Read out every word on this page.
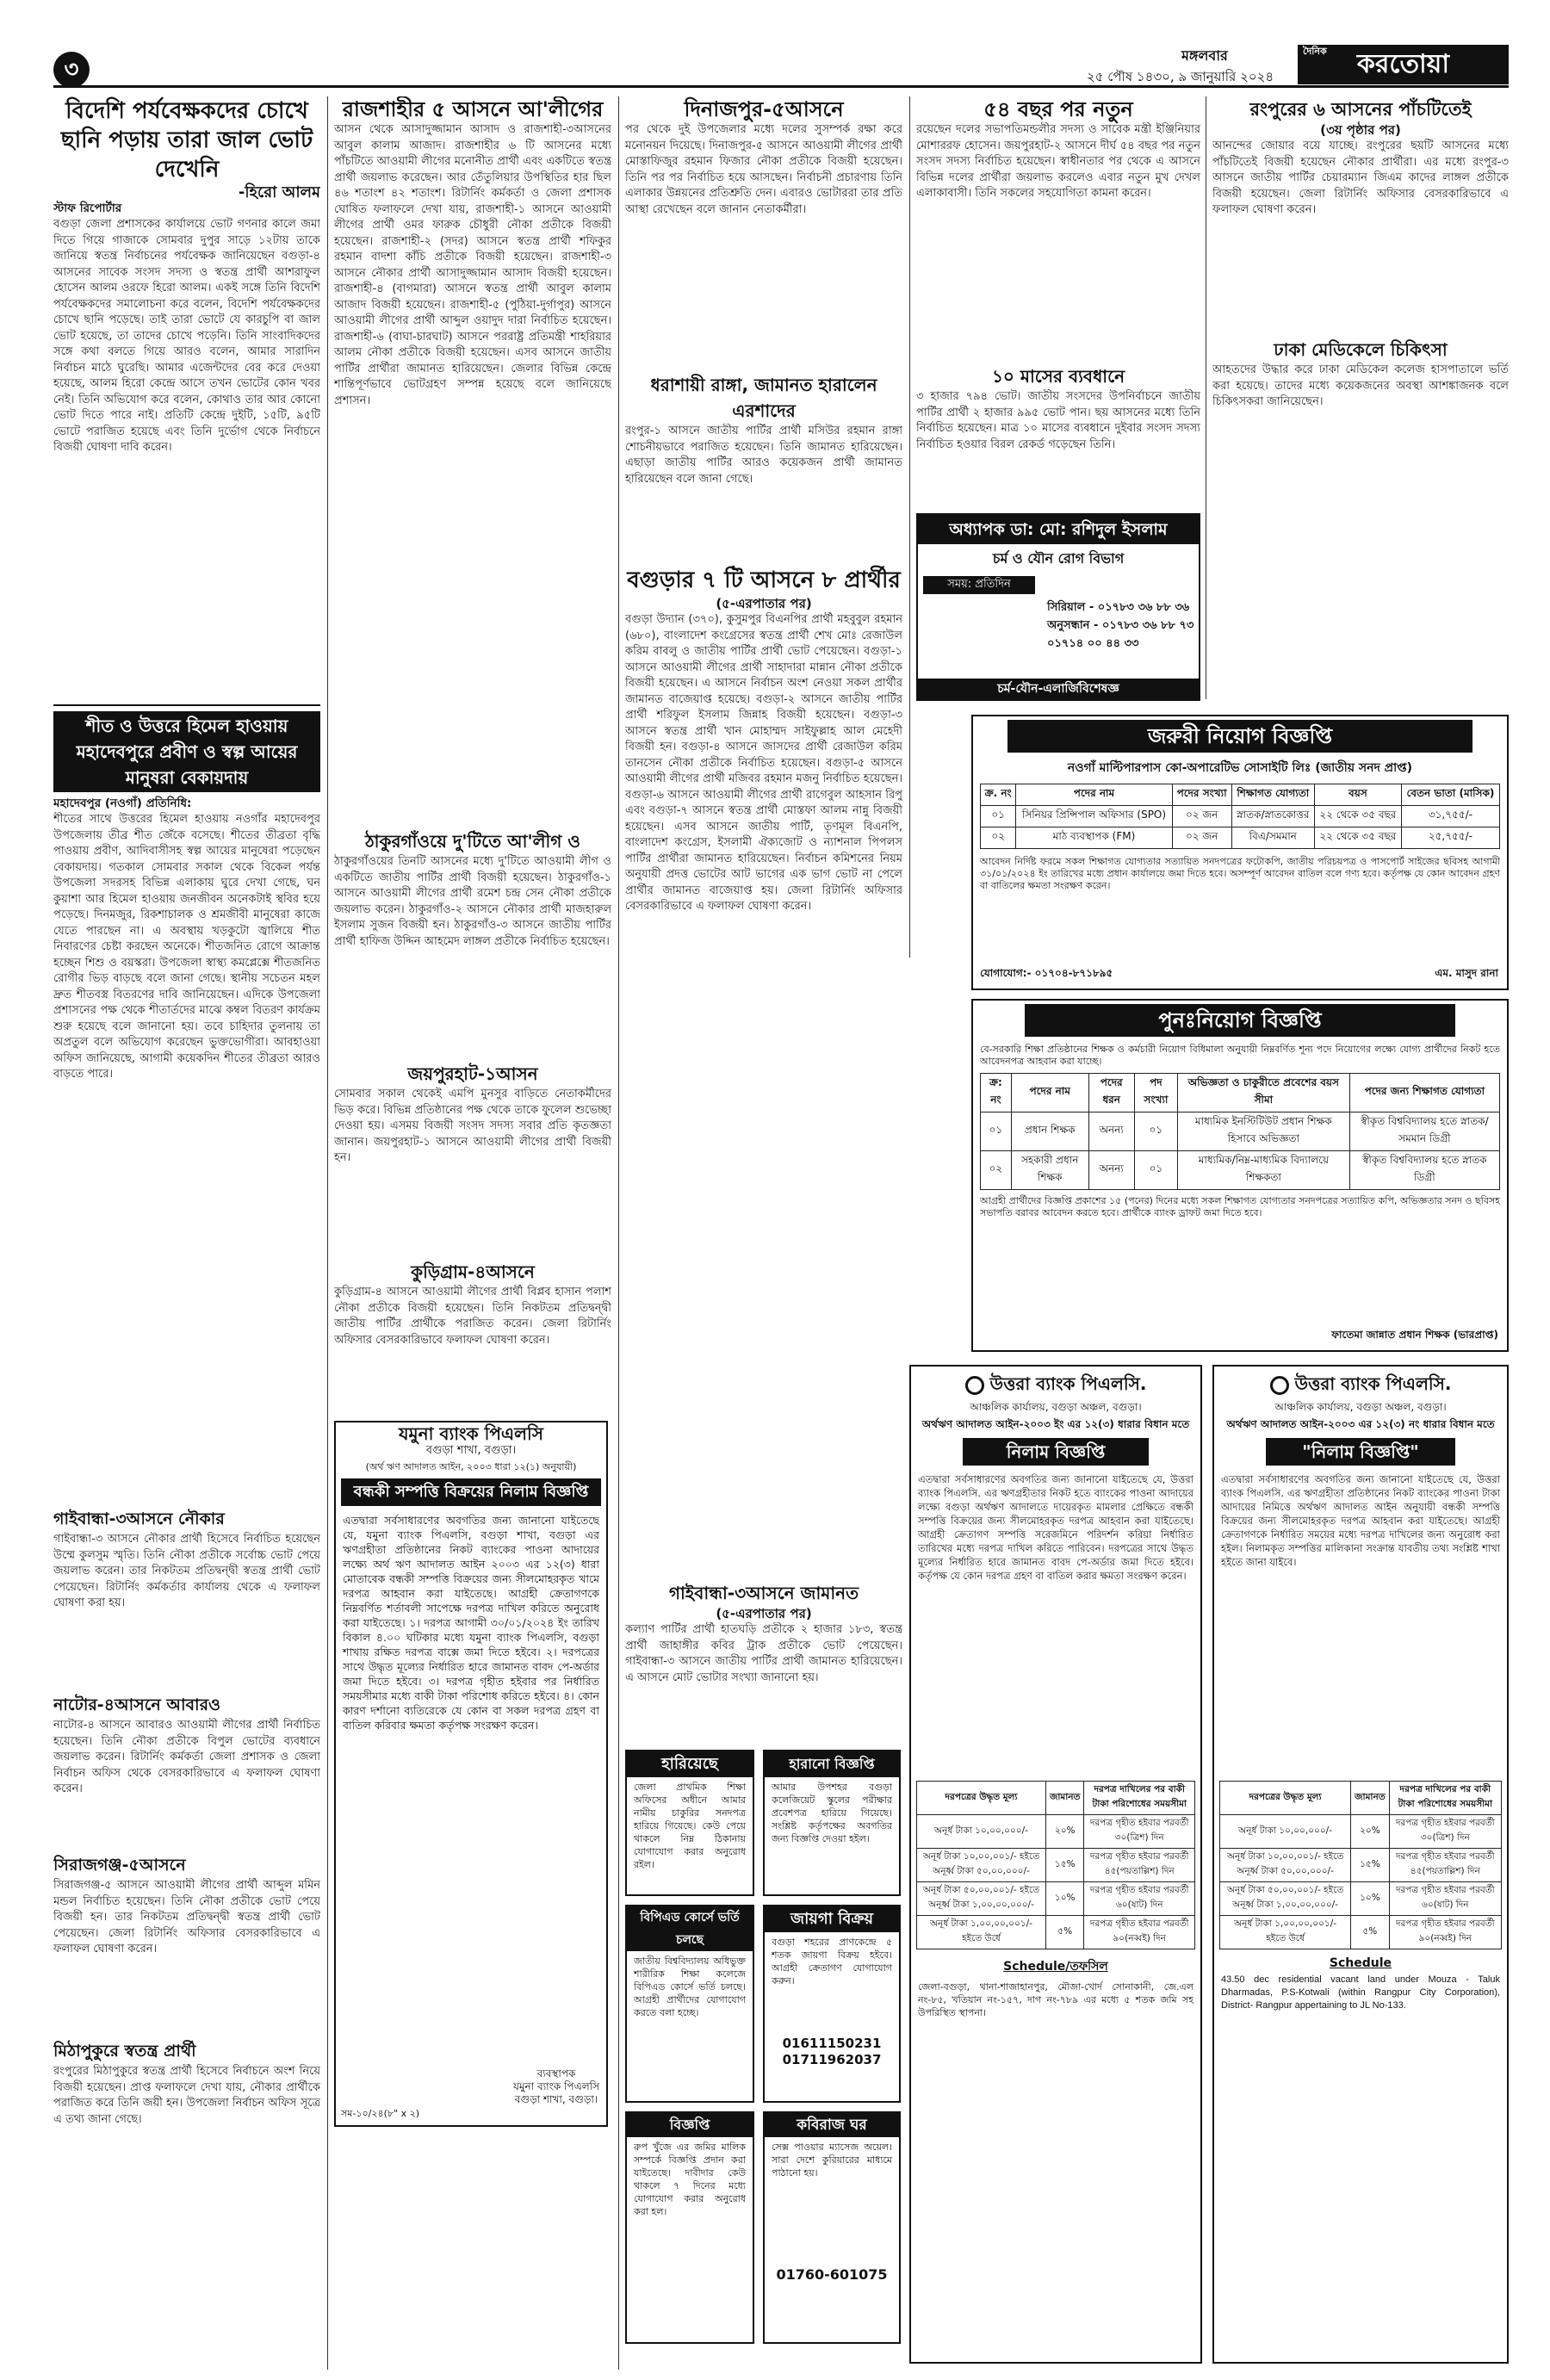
৩
মঙ্গলবার
২৫ পৌষ ১৪৩০, ৯ জানুয়ারি ২০২৪
দৈনিক করতোয়া
বিদেশি পর্যবেক্ষকদের চোখে ছানি পড়ায় তারা জাল ভোট দেখেনি
-হিরো আলম
স্টাফ রিপোর্টার
বগুড়া জেলা প্রশাসকের কার্যালয়ে ভোট গণনার কালে জমা দিতে গিয়ে গাজাকে সোমবার দুপুর সাড়ে ১২টায় তাকে জানিয়ে স্বতন্ত্র নির্বাচনের পর্যবেক্ষক জানিয়েছেন বগুড়া-৪ আসনের সাবেক সংসদ সদস্য ও স্বতন্ত্র প্রার্থী আশরাফুল হোসেন আলম ওরফে হিরো আলম। একই সঙ্গে তিনি বিদেশি পর্যবেক্ষকদের সমালোচনা করে বলেন, বিদেশি পর্যবেক্ষকদের চোখে ছানি পড়েছে। তাই তারা ভোটে যে কারচুপি বা জাল ভোট হয়েছে, তা তাদের চোখে পড়েনি। তিনি সাংবাদিকদের সঙ্গে কথা বলতে গিয়ে আরও বলেন, আমার সারাদিন নির্বাচন মাঠে ঘুরেছি। আমার এজেন্টদের বের করে দেওয়া হয়েছে, আলম হিরো কেন্দ্রে আসে তখন ভোটের কোন খবর নেই। তিনি অভিযোগ করে বলেন, কোথাও তার আর কোনো ভোট দিতে পারে নাই। প্রতিটি কেন্দ্রে দুইটি, ১৫টি, ৯৫টি ভোটে পরাজিত হয়েছে এবং তিনি দুর্ভোগ থেকে নির্বাচনে বিজয়ী ঘোষণা দাবি করেন।
শীত ও উত্তরে হিমেল হাওয়ায় মহাদেবপুরে প্রবীণ ও স্বল্প আয়ের মানুষরা বেকায়দায়
মহাদেবপুর (নওগাঁ) প্রতিনিধি:
শীতের সাথে উত্তরের হিমেল হাওয়ায় নওগাঁর মহাদেবপুর উপজেলায় তীব্র শীত জেঁকে বসেছে। শীতের তীব্রতা বৃদ্ধি পাওয়ায় প্রবীণ, আদিবাসীসহ স্বল্প আয়ের মানুষেরা পড়েছেন বেকায়দায়। গতকাল সোমবার সকাল থেকে বিকেল পর্যন্ত উপজেলা সদরসহ বিভিন্ন এলাকায় ঘুরে দেখা গেছে, ঘন কুয়াশা আর হিমেল হাওয়ায় জনজীবন অনেকটাই স্থবির হয়ে পড়েছে। দিনমজুর, রিকশাচালক ও শ্রমজীবী মানুষেরা কাজে যেতে পারছেন না। এ অবস্থায় খড়কুটো জ্বালিয়ে শীত নিবারণের চেষ্টা করছেন অনেকে। শীতজনিত রোগে আক্রান্ত হচ্ছেন শিশু ও বয়স্করা। উপজেলা স্বাস্থ্য কমপ্লেক্সে শীতজনিত রোগীর ভিড় বাড়ছে বলে জানা গেছে। স্থানীয় সচেতন মহল দ্রুত শীতবস্ত্র বিতরণের দাবি জানিয়েছেন। এদিকে উপজেলা প্রশাসনের পক্ষ থেকে শীতার্তদের মাঝে কম্বল বিতরণ কার্যক্রম শুরু হয়েছে বলে জানানো হয়। তবে চাহিদার তুলনায় তা অপ্রতুল বলে অভিযোগ করেছেন ভুক্তভোগীরা। আবহাওয়া অফিস জানিয়েছে, আগামী কয়েকদিন শীতের তীব্রতা আরও বাড়তে পারে।
গাইবান্ধা-৩আসনে নৌকার
গাইবান্ধা-৩ আসনে নৌকার প্রার্থী হিসেবে নির্বাচিত হয়েছেন উম্মে কুলসুম স্মৃতি। তিনি নৌকা প্রতীকে সর্বোচ্চ ভোট পেয়ে জয়লাভ করেন। তার নিকটতম প্রতিদ্বন্দ্বী স্বতন্ত্র প্রার্থী ভোট পেয়েছেন। রিটার্নিং কর্মকর্তার কার্যালয় থেকে এ ফলাফল ঘোষণা করা হয়।
নাটোর-৪আসনে আবারও
নাটোর-৪ আসনে আবারও আওয়ামী লীগের প্রার্থী নির্বাচিত হয়েছেন। তিনি নৌকা প্রতীকে বিপুল ভোটের ব্যবধানে জয়লাভ করেন। রিটার্নিং কর্মকর্তা জেলা প্রশাসক ও জেলা নির্বাচন অফিস থেকে বেসরকারিভাবে এ ফলাফল ঘোষণা করেন।
সিরাজগঞ্জ-৫আসনে
সিরাজগঞ্জ-৫ আসনে আওয়ামী লীগের প্রার্থী আব্দুল মমিন মন্ডল নির্বাচিত হয়েছেন। তিনি নৌকা প্রতীকে ভোট পেয়ে বিজয়ী হন। তার নিকটতম প্রতিদ্বন্দ্বী স্বতন্ত্র প্রার্থী ভোট পেয়েছেন। জেলা রিটার্নিং অফিসার বেসরকারিভাবে এ ফলাফল ঘোষণা করেন।
মিঠাপুকুরে স্বতন্ত্র প্রার্থী
রংপুরের মিঠাপুকুরে স্বতন্ত্র প্রার্থী হিসেবে নির্বাচনে অংশ নিয়ে বিজয়ী হয়েছেন। প্রাপ্ত ফলাফলে দেখা যায়, নৌকার প্রার্থীকে পরাজিত করে তিনি জয়ী হন। উপজেলা নির্বাচন অফিস সূত্রে এ তথ্য জানা গেছে।
রাজশাহীর ৫ আসনে আ'লীগের
আসন থেকে আসাদুজ্জামান আসাদ ও রাজশাহী-৩আসনের আবুল কালাম আজাদ। রাজশাহীর ৬ টি আসনের মধ্যে পাঁচটিতে আওয়ামী লীগের মনোনীত প্রার্থী এবং একটিতে স্বতন্ত্র প্রার্থী জয়লাভ করেছেন। আর তেঁতুলিয়ার উপস্থিতির হার ছিল ৪৬ শতাংশ ৪২ শতাংশ। রিটার্নিং কর্মকর্তা ও জেলা প্রশাসক ঘোষিত ফলাফলে দেখা যায়, রাজশাহী-১ আসনে আওয়ামী লীগের প্রার্থী ওমর ফারুক চৌধুরী নৌকা প্রতীকে বিজয়ী হয়েছেন। রাজশাহী-২ (সদর) আসনে স্বতন্ত্র প্রার্থী শফিকুর রহমান বাদশা কাঁচি প্রতীকে বিজয়ী হয়েছেন। রাজশাহী-৩ আসনে নৌকার প্রার্থী আসাদুজ্জামান আসাদ বিজয়ী হয়েছেন। রাজশাহী-৪ (বাগমারা) আসনে স্বতন্ত্র প্রার্থী আবুল কালাম আজাদ বিজয়ী হয়েছেন। রাজশাহী-৫ (পুঠিয়া-দুর্গাপুর) আসনে আওয়ামী লীগের প্রার্থী আব্দুল ওয়াদুদ দারা নির্বাচিত হয়েছেন। রাজশাহী-৬ (বাঘা-চারঘাট) আসনে পররাষ্ট্র প্রতিমন্ত্রী শাহরিয়ার আলম নৌকা প্রতীকে বিজয়ী হয়েছেন। এসব আসনে জাতীয় পার্টির প্রার্থীরা জামানত হারিয়েছেন। জেলার বিভিন্ন কেন্দ্রে শান্তিপূর্ণভাবে ভোটগ্রহণ সম্পন্ন হয়েছে বলে জানিয়েছে প্রশাসন।
ঠাকুরগাঁওয়ে দু'টিতে আ'লীগ ও
ঠাকুরগাঁওয়ের তিনটি আসনের মধ্যে দু'টিতে আওয়ামী লীগ ও একটিতে জাতীয় পার্টির প্রার্থী বিজয়ী হয়েছেন। ঠাকুরগাঁও-১ আসনে আওয়ামী লীগের প্রার্থী রমেশ চন্দ্র সেন নৌকা প্রতীকে জয়লাভ করেন। ঠাকুরগাঁও-২ আসনে নৌকার প্রার্থী মাজহারুল ইসলাম সুজন বিজয়ী হন। ঠাকুরগাঁও-৩ আসনে জাতীয় পার্টির প্রার্থী হাফিজ উদ্দিন আহমেদ লাঙ্গল প্রতীকে নির্বাচিত হয়েছেন।
জয়পুরহাট-১আসন
সোমবার সকাল থেকেই এমপি মুনসুর বাড়িতে নেতাকর্মীদের ভিড় করে। বিভিন্ন প্রতিষ্ঠানের পক্ষ থেকে তাকে ফুলেল শুভেচ্ছা দেওয়া হয়। এসময় বিজয়ী সংসদ সদস্য সবার প্রতি কৃতজ্ঞতা জানান। জয়পুরহাট-১ আসনে আওয়ামী লীগের প্রার্থী বিজয়ী হন।
কুড়িগ্রাম-৪আসনে
কুড়িগ্রাম-৪ আসনে আওয়ামী লীগের প্রার্থী বিপ্লব হাসান পলাশ নৌকা প্রতীকে বিজয়ী হয়েছেন। তিনি নিকটতম প্রতিদ্বন্দ্বী জাতীয় পার্টির প্রার্থীকে পরাজিত করেন। জেলা রিটার্নিং অফিসার বেসরকারিভাবে ফলাফল ঘোষণা করেন।
যমুনা ব্যাংক পিএলসি
বগুড়া শাখা, বগুড়া।
(অর্থ ঋণ আদালত আইন, ২০০৩ ধারা ১২(১) অনুযায়ী)
বন্ধকী সম্পত্তি বিক্রয়ের নিলাম বিজ্ঞপ্তি
এতদ্বারা সর্বসাধারণের অবগতির জন্য জানানো যাইতেছে যে, যমুনা ব্যাংক পিএলসি, বগুড়া শাখা, বগুড়া এর ঋণগ্রহীতা প্রতিষ্ঠানের নিকট ব্যাংকের পাওনা আদায়ের লক্ষ্যে অর্থ ঋণ আদালত আইন ২০০৩ এর ১২(৩) ধারা মোতাবেক বন্ধকী সম্পত্তি বিক্রয়ের জন্য সীলমোহরকৃত খামে দরপত্র আহবান করা যাইতেছে। আগ্রহী ক্রেতাগণকে নিম্নবর্ণিত শর্তাবলী সাপেক্ষে দরপত্র দাখিল করিতে অনুরোধ করা যাইতেছে। ১। দরপত্র আগামী ৩০/০১/২০২৪ ইং তারিখ বিকাল ৪.০০ ঘটিকার মধ্যে যমুনা ব্যাংক পিএলসি, বগুড়া শাখায় রক্ষিত দরপত্র বাক্সে জমা দিতে হইবে। ২। দরপত্রের সাথে উদ্ধৃত মূল্যের নির্ধারিত হারে জামানত বাবদ পে-অর্ডার জমা দিতে হইবে। ৩। দরপত্র গৃহীত হইবার পর নির্ধারিত সময়সীমার মধ্যে বাকী টাকা পরিশোধ করিতে হইবে। ৪। কোন কারণ দর্শানো ব্যতিরেকে যে কোন বা সকল দরপত্র গ্রহণ বা বাতিল করিবার ক্ষমতা কর্তৃপক্ষ সংরক্ষণ করেন।
ব্যবস্থাপক
যমুনা ব্যাংক পিএলসি
বগুড়া শাখা, বগুড়া।
সম-১০/২৪(৮" x ২)
দিনাজপুর-৫আসনে
পর থেকে দুই উপজেলার মধ্যে দলের সুসম্পর্ক রক্ষা করে মনোনয়ন দিয়েছে। দিনাজপুর-৫ আসনে আওয়ামী লীগের প্রার্থী মোস্তাফিজুর রহমান ফিজার নৌকা প্রতীকে বিজয়ী হয়েছেন। তিনি পর পর নির্বাচিত হয়ে আসছেন। নির্বাচনী প্রচারণায় তিনি এলাকার উন্নয়নের প্রতিশ্রুতি দেন। এবারও ভোটাররা তার প্রতি আস্থা রেখেছেন বলে জানান নেতাকর্মীরা।
ধরাশায়ী রাঙ্গা, জামানত হারালেন এরশাদের
রংপুর-১ আসনে জাতীয় পার্টির প্রার্থী মসিউর রহমান রাঙ্গা শোচনীয়ভাবে পরাজিত হয়েছেন। তিনি জামানত হারিয়েছেন। এছাড়া জাতীয় পার্টির আরও কয়েকজন প্রার্থী জামানত হারিয়েছেন বলে জানা গেছে।
বগুড়ার ৭ টি আসনে ৮ প্রার্থীর
(৫-এরপাতার পর)
বগুড়া উদ্যান (৩৭০), কুসুমপুর বিএনপির প্রার্থী মহবুবুল রহমান (৬৮০), বাংলাদেশ কংগ্রেসের স্বতন্ত্র প্রার্থী শেখ মোঃ রেজাউল করিম বাবলু ও জাতীয় পার্টির প্রার্থী ভোট পেয়েছেন। বগুড়া-১ আসনে আওয়ামী লীগের প্রার্থী সাহাদারা মান্নান নৌকা প্রতীকে বিজয়ী হয়েছেন। এ আসনে নির্বাচন অংশ নেওয়া সকল প্রার্থীর জামানত বাজেয়াপ্ত হয়েছে। বগুড়া-২ আসনে জাতীয় পার্টির প্রার্থী শরিফুল ইসলাম জিন্নাহ বিজয়ী হয়েছেন। বগুড়া-৩ আসনে স্বতন্ত্র প্রার্থী খান মোহাম্মদ সাইফুল্লাহ আল মেহেদী বিজয়ী হন। বগুড়া-৪ আসনে জাসদের প্রার্থী রেজাউল করিম তানসেন নৌকা প্রতীকে নির্বাচিত হয়েছেন। বগুড়া-৫ আসনে আওয়ামী লীগের প্রার্থী মজিবর রহমান মজনু নির্বাচিত হয়েছেন। বগুড়া-৬ আসনে আওয়ামী লীগের প্রার্থী রাগেবুল আহসান রিপু এবং বগুড়া-৭ আসনে স্বতন্ত্র প্রার্থী মোস্তফা আলম নান্নু বিজয়ী হয়েছেন। এসব আসনে জাতীয় পার্টি, তৃণমূল বিএনপি, বাংলাদেশ কংগ্রেস, ইসলামী ঐক্যজোট ও ন্যাশনাল পিপলস পার্টির প্রার্থীরা জামানত হারিয়েছেন। নির্বাচন কমিশনের নিয়ম অনুযায়ী প্রদত্ত ভোটের আট ভাগের এক ভাগ ভোট না পেলে প্রার্থীর জামানত বাজেয়াপ্ত হয়। জেলা রিটার্নিং অফিসার বেসরকারিভাবে এ ফলাফল ঘোষণা করেন।
গাইবান্ধা-৩আসনে জামানত
(৫-এরপাতার পর)
কল্যাণ পার্টির প্রার্থী হাতঘড়ি প্রতীকে ২ হাজার ১৮৩, স্বতন্ত্র প্রার্থী জাহাঙ্গীর কবির ট্রাক প্রতীকে ভোট পেয়েছেন। গাইবান্ধা-৩ আসনে জাতীয় পার্টির প্রার্থী জামানত হারিয়েছেন। এ আসনে মোট ভোটার সংখ্যা জানানো হয়।
হারিয়েছে
জেলা প্রাথমিক শিক্ষা অফিসের অধীনে আমার নামীয় চাকুরির সনদপত্র হারিয়ে গিয়েছে। কেউ পেয়ে থাকলে নিম্ন ঠিকানায় যোগাযোগ করার অনুরোধ রইল।
হারানো বিজ্ঞপ্তি
আমার উপশহর বগুড়া কলেজিয়েট স্কুলের পরীক্ষার প্রবেশপত্র হারিয়ে গিয়েছে। সংশ্লিষ্ট কর্তৃপক্ষের অবগতির জন্য বিজ্ঞপ্তি দেওয়া হইল।
বিপিএড কোর্সে ভর্তি চলছে
জাতীয় বিশ্ববিদ্যালয় অধিভুক্ত শারীরিক শিক্ষা কলেজে বিপিএড কোর্সে ভর্তি চলছে। আগ্রহী প্রার্থীদের যোগাযোগ করতে বলা হচ্ছে।
জায়গা বিক্রয়
বগুড়া শহরের প্রাণকেন্দ্রে ৫ শতক জায়গা বিক্রয় হইবে। আগ্রহী ক্রেতাগণ যোগাযোগ করুন।
01611150231
01711962037
বিজ্ঞপ্তি
রুপ খুঁজে এর জমির মালিক সম্পর্কে বিজ্ঞপ্তি প্রদান করা যাইতেছে। দাবীদার কেউ থাকলে ৭ দিনের মধ্যে যোগাযোগ করার অনুরোধ করা হল।
কবিরাজ ঘর
সেক্স পাওয়ার ম্যাসেজ অয়েল। সারা দেশে কুরিয়ারের মাধ্যমে পাঠানো হয়।
01760-601075
৫৪ বছর পর নতুন
রয়েছেন দলের সভাপতিমন্ডলীর সদস্য ও সাবেক মন্ত্রী ইঞ্জিনিয়ার মোশাররফ হোসেন। জয়পুরহাট-২ আসনে দীর্ঘ ৫৪ বছর পর নতুন সংসদ সদস্য নির্বাচিত হয়েছেন। স্বাধীনতার পর থেকে এ আসনে বিভিন্ন দলের প্রার্থীরা জয়লাভ করলেও এবার নতুন মুখ দেখল এলাকাবাসী। তিনি সকলের সহযোগিতা কামনা করেন।
১০ মাসের ব্যবধানে
৩ হাজার ৭৯৪ ভোট। জাতীয় সংসদের উপনির্বাচনে জাতীয় পার্টির প্রার্থী ২ হাজার ৯৯৫ ভোট পান। ছয় আসনের মধ্যে তিনি নির্বাচিত হয়েছেন। মাত্র ১০ মাসের ব্যবধানে দুইবার সংসদ সদস্য নির্বাচিত হওয়ার বিরল রেকর্ড গড়েছেন তিনি।
রংপুরের ৬ আসনের পাঁচটিতেই
(৩য় পৃষ্ঠার পর)
আনন্দের জোয়ার বয়ে যাচ্ছে। রংপুরের ছয়টি আসনের মধ্যে পাঁচটিতেই বিজয়ী হয়েছেন নৌকার প্রার্থীরা। এর মধ্যে রংপুর-৩ আসনে জাতীয় পার্টির চেয়ারম্যান জিএম কাদের লাঙ্গল প্রতীকে বিজয়ী হয়েছেন। জেলা রিটার্নিং অফিসার বেসরকারিভাবে এ ফলাফল ঘোষণা করেন।
ঢাকা মেডিকেলে চিকিৎসা
আহতদের উদ্ধার করে ঢাকা মেডিকেল কলেজ হাসপাতালে ভর্তি করা হয়েছে। তাদের মধ্যে কয়েকজনের অবস্থা আশঙ্কাজনক বলে চিকিৎসকরা জানিয়েছেন।
অধ্যাপক ডা: মো: রশিদুল ইসলাম
চর্ম ও যৌন রোগ বিভাগ
সময়: প্রতিদিন
সিরিয়াল - ০১৭৮৩ ৩৬ ৮৮ ৩৬
অনুসন্ধান - ০১৭৮৩ ৩৬ ৮৮ ৭৩
০১৭১৪ ০০ ৪৪ ৩৩
চর্ম-যৌন-এলার্জিবিশেষজ্ঞ
জরুরী নিয়োগ বিজ্ঞপ্তি
নওগাঁ মাল্টিপারপাস কো-অপারেটিভ সোসাইটি লিঃ (জাতীয় সনদ প্রাপ্ত)
ক্র. নং	পদের নাম	পদের সংখ্যা	শিক্ষাগত যোগ্যতা	বয়স	বেতন ভাতা (মাসিক)
০১	সিনিয়র প্রিন্সিপাল অফিসার (SPO)	০২ জন	স্নাতক/স্নাতকোত্তর	২২ থেকে ৩৫ বছর	৩১,৭৫৫/-
০২	মাঠ ব্যবস্থাপক (FM)	০২ জন	বিএ/সমমান	২২ থেকে ৩৫ বছর	২৫,৭৫৫/-
আবেদন নির্দিষ্ট ফরমে সকল শিক্ষাগত যোগ্যতার সত্যায়িত সনদপত্রের ফটোকপি, জাতীয় পরিচয়পত্র ও পাসপোর্ট সাইজের ছবিসহ আগামী ৩১/০১/২০২৪ ইং তারিখের মধ্যে প্রধান কার্যালয়ে জমা দিতে হবে। অসম্পূর্ণ আবেদন বাতিল বলে গণ্য হবে। কর্তৃপক্ষ যে কোন আবেদন গ্রহণ বা বাতিলের ক্ষমতা সংরক্ষণ করেন।
যোগাযোগ:- ০১৭০৪-৮৭১৮৯৫	এম. মাসুদ রানা
পুনঃনিয়োগ বিজ্ঞপ্তি
বে-সরকারি শিক্ষা প্রতিষ্ঠানের শিক্ষক ও কর্মচারী নিয়োগ বিধিমালা অনুযায়ী নিম্নবর্ণিত শূন্য পদে নিয়োগের লক্ষ্যে যোগ্য প্রার্থীদের নিকট হতে আবেদনপত্র আহবান করা যাচ্ছে।
ক্র: নং	পদের নাম	পদের ধরন	পদ সংখ্যা	অভিজ্ঞতা ও চাকুরীতে প্রবেশের বয়স সীমা	পদের জন্য শিক্ষাগত যোগ্যতা
০১	প্রধান শিক্ষক	অনন্য	০১	মাধ্যমিক ইনস্টিটিউট প্রধান শিক্ষক হিসাবে অভিজ্ঞতা	স্বীকৃত বিশ্ববিদ্যালয় হতে স্নাতক/সমমান ডিগ্রী
০২	সহকারী প্রধান শিক্ষক	অনন্য	০১	মাধ্যমিক/নিম্ন-মাধ্যমিক বিদ্যালয়ে শিক্ষকতা	স্বীকৃত বিশ্ববিদ্যালয় হতে স্নাতক ডিগ্রী
আগ্রহী প্রার্থীদের বিজ্ঞপ্তি প্রকাশের ১৫ (পনের) দিনের মধ্যে সকল শিক্ষাগত যোগ্যতার সনদপত্রের সত্যায়িত কপি, অভিজ্ঞতার সনদ ও ছবিসহ সভাপতি বরাবর আবেদন করতে হবে। প্রার্থীকে ব্যাংক ড্রাফট জমা দিতে হবে।
ফাতেমা জান্নাত প্রধান শিক্ষক (ভারপ্রাপ্ত)
উত্তরা ব্যাংক পিএলসি.
আঞ্চলিক কার্যালয়, বগুড়া অঞ্চল, বগুড়া।
অর্থঋণ আদালত আইন-২০০৩ ইং এর ১২(৩) ধারার বিধান মতে
নিলাম বিজ্ঞপ্তি
এতদ্বারা সর্বসাধারণের অবগতির জন্য জানানো যাইতেছে যে, উত্তরা ব্যাংক পিএলসি. এর ঋণগ্রহীতার নিকট হতে ব্যাংকের পাওনা আদায়ের লক্ষ্যে বগুড়া অর্থঋণ আদালতে দায়েরকৃত মামলার প্রেক্ষিতে বন্ধকী সম্পত্তি বিক্রয়ের জন্য সীলমোহরকৃত দরপত্র আহবান করা যাইতেছে। আগ্রহী ক্রেতাগণ সম্পত্তি সরেজমিনে পরিদর্শন করিয়া নির্ধারিত তারিখের মধ্যে দরপত্র দাখিল করিতে পারিবেন। দরপত্রের সাথে উদ্ধৃত মূল্যের নির্ধারিত হারে জামানত বাবদ পে-অর্ডার জমা দিতে হইবে। কর্তৃপক্ষ যে কোন দরপত্র গ্রহণ বা বাতিল করার ক্ষমতা সংরক্ষণ করেন।
দরপত্রের উদ্ধৃত মূল্য	জামানত	দরপত্র দাখিলের পর বাকী টাকা পরিশোধের সময়সীমা
অনূর্ধ টাকা ১০,০০,০০০/-	২০%	দরপত্র গৃহীত হইবার পরবর্তী ৩০(ত্রিশ) দিন
অনূর্ধ টাকা ১০,০০,০০১/- হইতে অনূর্ধ্ব টাকা ৫০,০০,০০০/-	১৫%	দরপত্র গৃহীত হইবার পরবর্তী ৪৫(পয়তাল্লিশ) দিন
অনূর্ধ টাকা ৫০,০০,০০১/- হইতে অনূর্ধ্ব টাকা ১,০০,০০,০০০/-	১০%	দরপত্র গৃহীত হইবার পরবর্তী ৬০(ষাট) দিন
অনূর্ধ টাকা ১,০০,০০,০০১/- হইতে উর্ধে	৫%	দরপত্র গৃহীত হইবার পরবর্তী ৯০(নব্বই) দিন
Schedule/তফসিল
জেলা-বগুড়া, থানা-শাজাহানপুর, মৌজা-খোর্দ সোনাকানী, জে.এল নং-৮৫, খতিয়ান নং-১৫৭, দাগ নং-৭৮৯ এর মধ্যে ৫ শতক জমি সহ উপরিস্থিত স্থাপনা।
উত্তরা ব্যাংক পিএলসি.
আঞ্চলিক কার্যালয়, বগুড়া অঞ্চল, বগুড়া।
অর্থঋণ আদালত আইন-২০০৩ এর ১২(৩) নং ধারার বিধান মতে
"নিলাম বিজ্ঞপ্তি"
এতদ্বারা সর্বসাধারণের অবগতির জন্য জানানো যাইতেছে যে, উত্তরা ব্যাংক পিএলসি. এর ঋণগ্রহীতা প্রতিষ্ঠানের নিকট ব্যাংকের পাওনা টাকা আদায়ের নিমিত্তে অর্থঋণ আদালত আইন অনুযায়ী বন্ধকী সম্পত্তি বিক্রয়ের জন্য সীলমোহরকৃত দরপত্র আহবান করা যাইতেছে। আগ্রহী ক্রেতাগণকে নির্ধারিত সময়ের মধ্যে দরপত্র দাখিলের জন্য অনুরোধ করা হইল। নিলামকৃত সম্পত্তির মালিকানা সংক্রান্ত যাবতীয় তথ্য সংশ্লিষ্ট শাখা হইতে জানা যাইবে।
দরপত্রের উদ্ধৃত মূল্য	জামানত	দরপত্র দাখিলের পর বাকী টাকা পরিশোধের সময়সীমা
অনূর্ধ টাকা ১০,০০,০০০/-	২০%	দরপত্র গৃহীত হইবার পরবর্তী ৩০(ত্রিশ) দিন
অনূর্ধ টাকা ১০,০০,০০১/- হইতে অনূর্ধ্ব টাকা ৫০,০০,০০০/-	১৫%	দরপত্র গৃহীত হইবার পরবর্তী ৪৫(পয়তাল্লিশ) দিন
অনূর্ধ টাকা ৫০,০০,০০১/- হইতে অনূর্ধ্ব টাকা ১,০০,০০,০০০/-	১০%	দরপত্র গৃহীত হইবার পরবর্তী ৬০(ষাট) দিন
অনূর্ধ টাকা ১,০০,০০,০০১/- হইতে উর্ধে	৫%	দরপত্র গৃহীত হইবার পরবর্তী ৯০(নব্বই) দিন
Schedule
43.50 dec residential vacant land under Mouza - Taluk Dharmadas, P.S-Kotwali (within Rangpur City Corporation), District- Rangpur appertaining to JL No-133.
